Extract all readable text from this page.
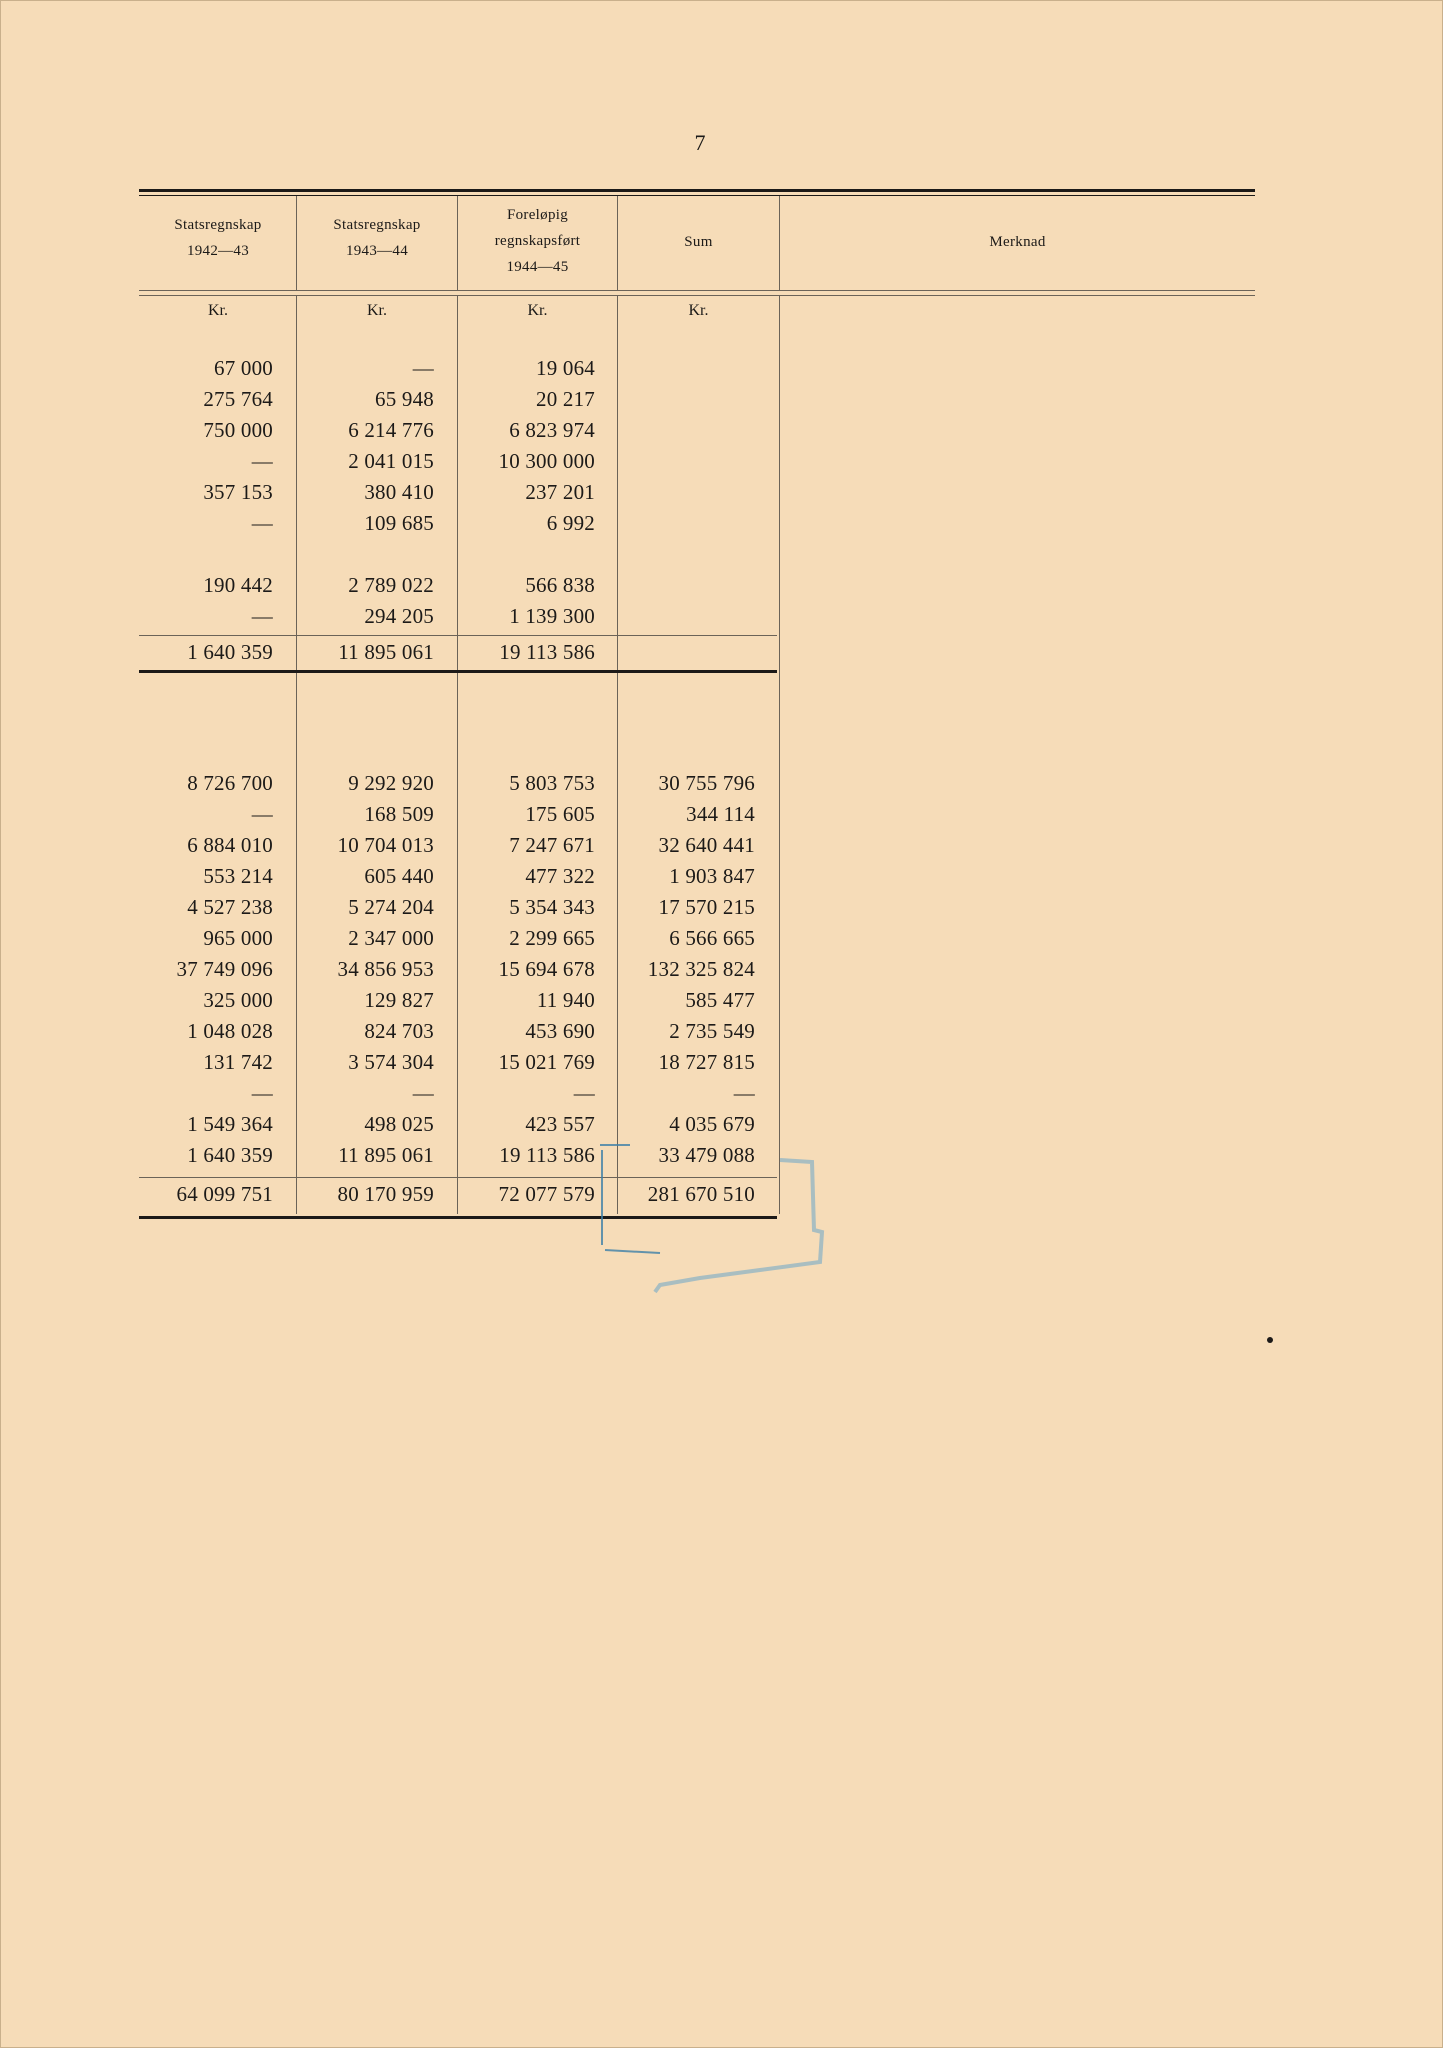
7
Statsregnskap
1942—43
Statsregnskap
1943—44
Foreløpig
regnskapsført
1944—45
Sum	Merknad
Kr.	Kr.	Kr.	Kr.
67 000	—	19 064
275 764	65 948	20 217
750 000	6 214 776	6 823 974
—	2 041 015	10 300 000
357 153	380 410	237 201
—	109 685	6 992
190 442	2 789 022	566 838
—	294 205	1 139 300
1 640 359	11 895 061	19 113 586
8 726 700	9 292 920	5 803 753	30 755 796
—	168 509	175 605	344 114
6 884 010	10 704 013	7 247 671	32 640 441
553 214	605 440	477 322	1 903 847
4 527 238	5 274 204	5 354 343	17 570 215
965 000	2 347 000	2 299 665	6 566 665
37 749 096	34 856 953	15 694 678	132 325 824
325 000	129 827	11 940	585 477
1 048 028	824 703	453 690	2 735 549
131 742	3 574 304	15 021 769	18 727 815
—	—	—	—
1 549 364	498 025	423 557	4 035 679
1 640 359	11 895 061	19 113 586	33 479 088
64 099 751	80 170 959	72 077 579	281 670 510
